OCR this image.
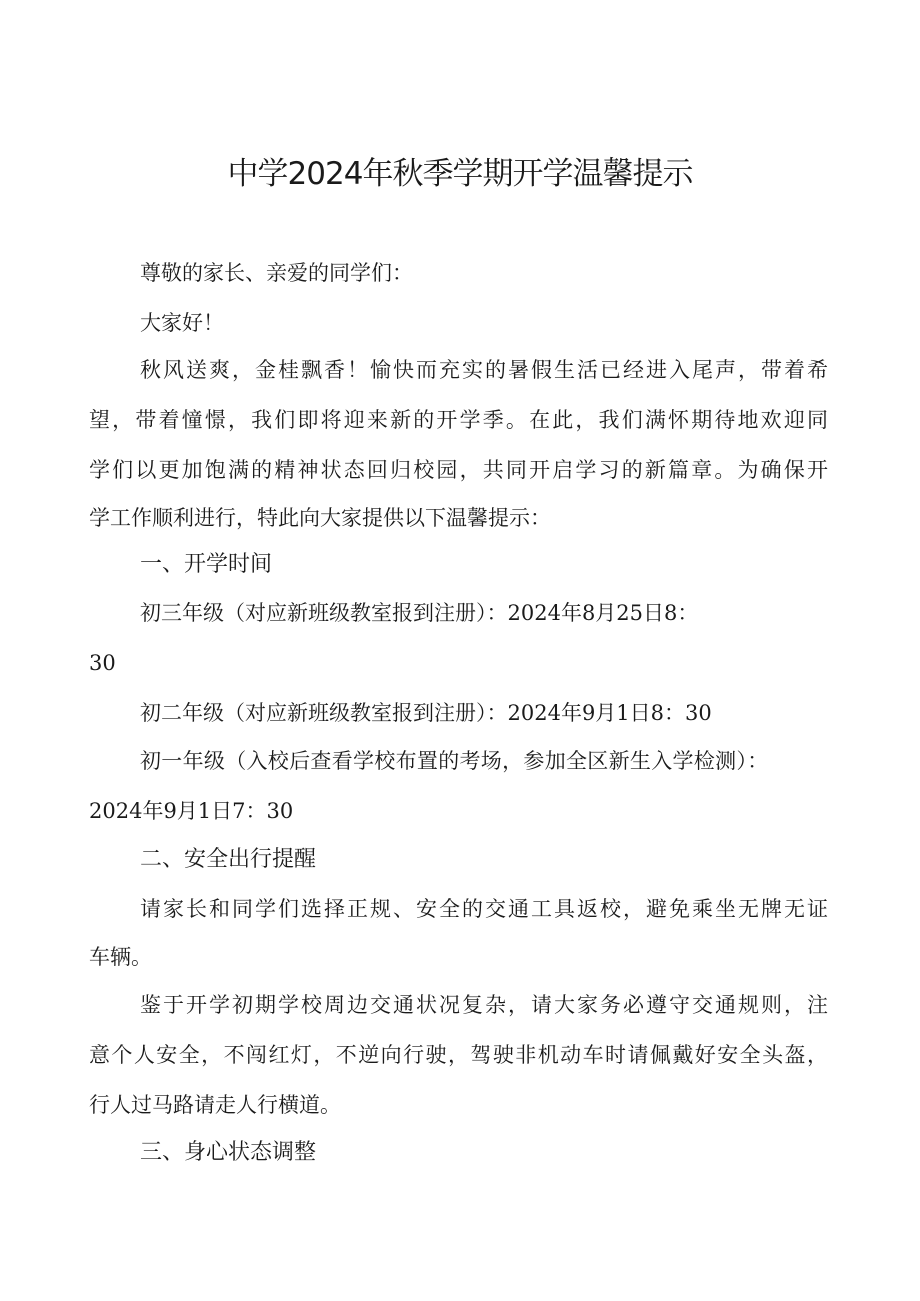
中学2024年秋季学期开学温馨提示
尊敬的家长、亲爱的同学们：
大家好！
秋风送爽，金桂飘香！愉快而充实的暑假生活已经进入尾声，带着希
望，带着憧憬，我们即将迎来新的开学季。在此，我们满怀期待地欢迎同
学们以更加饱满的精神状态回归校园，共同开启学习的新篇章。为确保开
学工作顺利进行，特此向大家提供以下温馨提示：
一、开学时间
初三年级（对应新班级教室报到注册）：2024年8月25日8：
30
初二年级（对应新班级教室报到注册）：2024年9月1日8：30
初一年级（入校后查看学校布置的考场，参加全区新生入学检测）：
2024年9月1日7：30
二、安全出行提醒
请家长和同学们选择正规、安全的交通工具返校，避免乘坐无牌无证
车辆。
鉴于开学初期学校周边交通状况复杂，请大家务必遵守交通规则，注
意个人安全，不闯红灯，不逆向行驶，驾驶非机动车时请佩戴好安全头盔，
行人过马路请走人行横道。
三、身心状态调整
